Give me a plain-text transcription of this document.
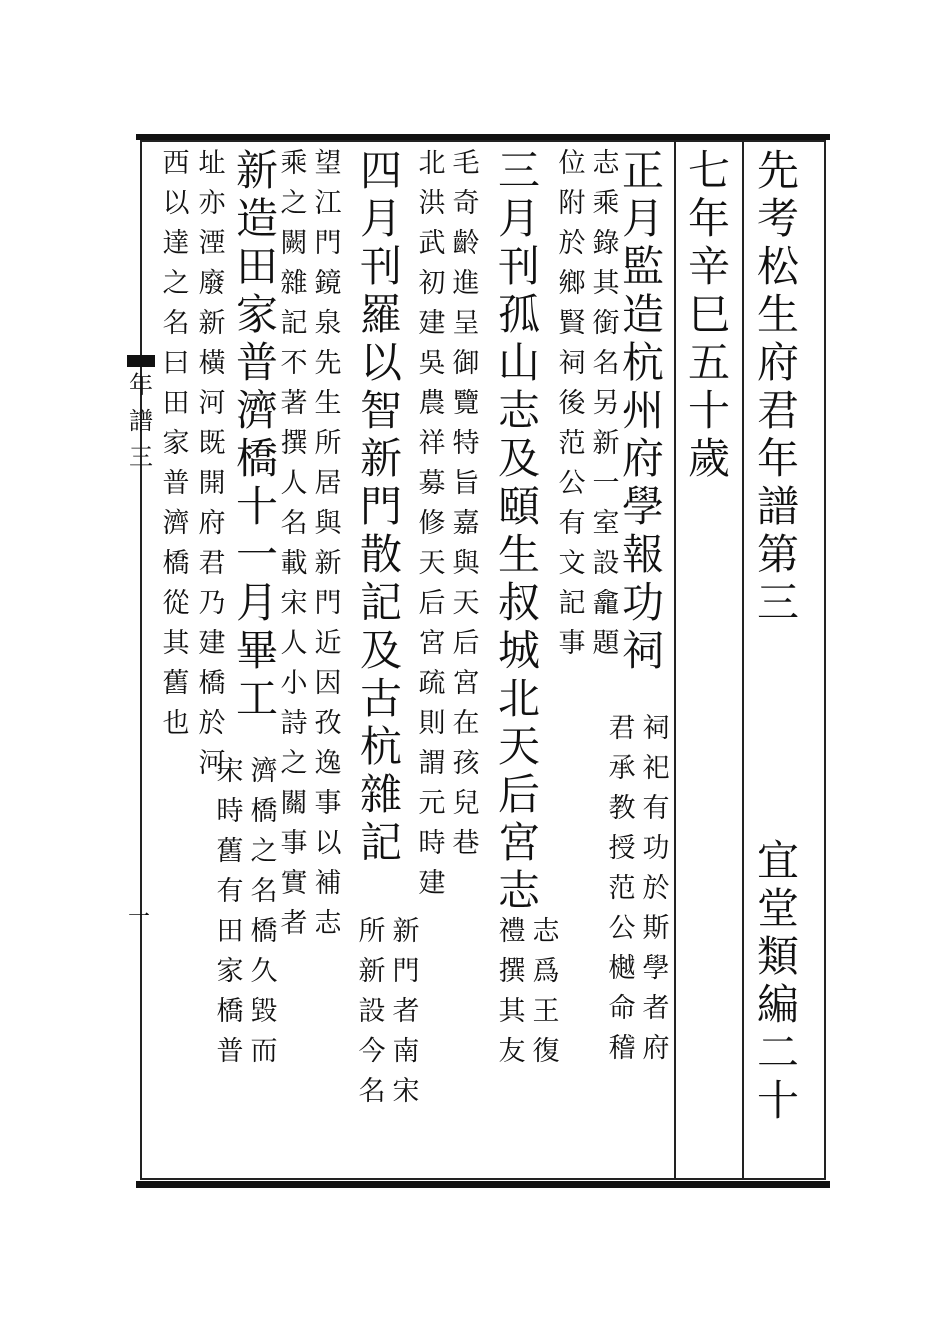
先
考
松
生
府
君
年
譜
第
三
宜
堂
類
編
二
十
七
年
辛
巳
五
十
歲
正
月
監
造
杭
州
府
學
報
功
祠
祠
祀
有
功
於
斯
學
者
府
君
承
教
授
范
公
樾
命
稽
志
乘
錄
其
銜
名
另
新
一
室
設
龕
題
位
附
於
鄉
賢
祠
後
范
公
有
文
記
事
三
月
刊
孤
山
志
及
頤
生
叔
城
北
天
后
宮
志
志
爲
王
復
禮
撰
其
友
毛
奇
齡
進
呈
御
覽
特
旨
嘉
與
天
后
宮
在
孩
兒
巷
北
洪
武
初
建
吳
農
祥
募
修
天
后
宮
疏
則
謂
元
時
建
四
月
刊
羅
以
智
新
門
散
記
及
古
杭
雜
記
新
門
者
南
宋
所
新
設
今
名
望
江
門
鏡
泉
先
生
所
居
與
新
門
近
因
孜
逸
事
以
補
志
乘
之
闕
雜
記
不
著
撰
人
名
載
宋
人
小
詩
之
關
事
實
者
新
造
田
家
普
濟
橋
十
一
月
畢
工
濟
橋
之
名
橋
久
毀
而
宋
時
舊
有
田
家
橋
普
址
亦
湮
廢
新
橫
河
既
開
府
君
乃
建
橋
於
河
西
以
達
之
名
曰
田
家
普
濟
橋
從
其
舊
也
年
譜
三
一
